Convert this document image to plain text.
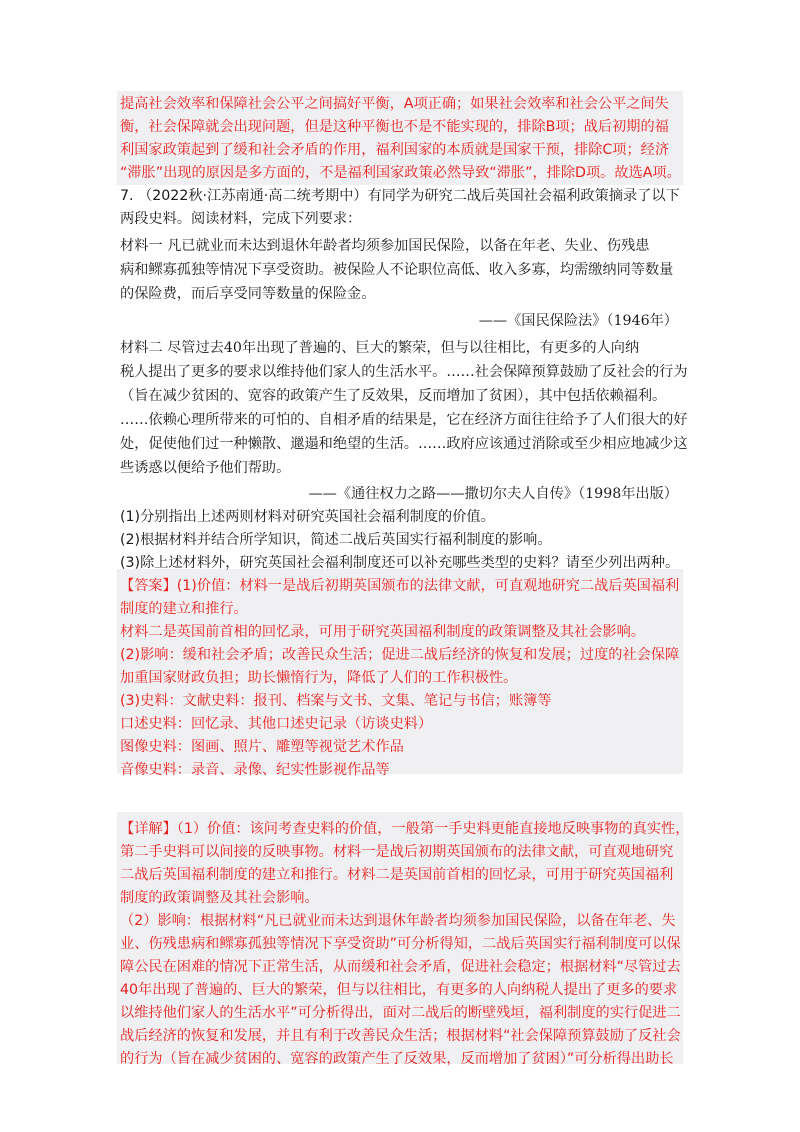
提高社会效率和保障社会公平之间搞好平衡，A项正确；如果社会效率和社会公平之间失
衡，社会保障就会出现问题，但是这种平衡也不是不能实现的，排除B项；战后初期的福
利国家政策起到了缓和社会矛盾的作用，福利国家的本质就是国家干预，排除C项；经济
“滞胀”出现的原因是多方面的，不是福利国家政策必然导致“滞胀”，排除D项。故选A项。
7. （2022秋·江苏南通·高二统考期中）有同学为研究二战后英国社会福利政策摘录了以下
两段史料。阅读材料，完成下列要求：
材料一 凡已就业而未达到退休年龄者均须参加国民保险，以备在年老、失业、伤残患
病和鳏寡孤独等情况下享受资助。被保险人不论职位高低、收入多寡，均需缴纳同等数量
的保险费，而后享受同等数量的保险金。
——《国民保险法》（1946年）
材料二 尽管过去40年出现了普遍的、巨大的繁荣，但与以往相比，有更多的人向纳
税人提出了更多的要求以维持他们家人的生活水平。……社会保障预算鼓励了反社会的行为
（旨在减少贫困的、宽容的政策产生了反效果，反而增加了贫困），其中包括依赖福利。
……依赖心理所带来的可怕的、自相矛盾的结果是，它在经济方面往往给予了人们很大的好
处，促使他们过一种懒散、邋遢和绝望的生活。……政府应该通过消除或至少相应地减少这
些诱惑以便给予他们帮助。
——《通往权力之路——撒切尔夫人自传》（1998年出版）
(1)分别指出上述两则材料对研究英国社会福利制度的价值。
(2)根据材料并结合所学知识，简述二战后英国实行福利制度的影响。
(3)除上述材料外，研究英国社会福利制度还可以补充哪些类型的史料？请至少列出两种。
【答案】(1)价值：材料一是战后初期英国颁布的法律文献，可直观地研究二战后英国福利
制度的建立和推行。
材料二是英国前首相的回忆录，可用于研究英国福利制度的政策调整及其社会影响。
(2)影响：缓和社会矛盾；改善民众生活；促进二战后经济的恢复和发展；过度的社会保障
加重国家财政负担；助长懒惰行为，降低了人们的工作积极性。
(3)史料：文献史料：报刊、档案与文书、文集、笔记与书信；账簿等
口述史料：回忆录、其他口述史记录（访谈史料）
图像史料：图画、照片、雕塑等视觉艺术作品
音像史料：录音、录像、纪实性影视作品等
【详解】（1）价值：该问考查史料的价值，一般第一手史料更能直接地反映事物的真实性，
第二手史料可以间接的反映事物。材料一是战后初期英国颁布的法律文献，可直观地研究
二战后英国福利制度的建立和推行。材料二是英国前首相的回忆录，可用于研究英国福利
制度的政策调整及其社会影响。
（2）影响：根据材料“凡已就业而未达到退休年龄者均须参加国民保险，以备在年老、失
业、伤残患病和鳏寡孤独等情况下享受资助”可分析得知，二战后英国实行福利制度可以保
障公民在困难的情况下正常生活，从而缓和社会矛盾，促进社会稳定；根据材料“尽管过去
40年出现了普遍的、巨大的繁荣，但与以往相比，有更多的人向纳税人提出了更多的要求
以维持他们家人的生活水平”可分析得出，面对二战后的断壁残垣，福利制度的实行促进二
战后经济的恢复和发展，并且有利于改善民众生活；根据材料“社会保障预算鼓励了反社会
的行为（旨在减少贫困的、宽容的政策产生了反效果，反而增加了贫困）”可分析得出助长
